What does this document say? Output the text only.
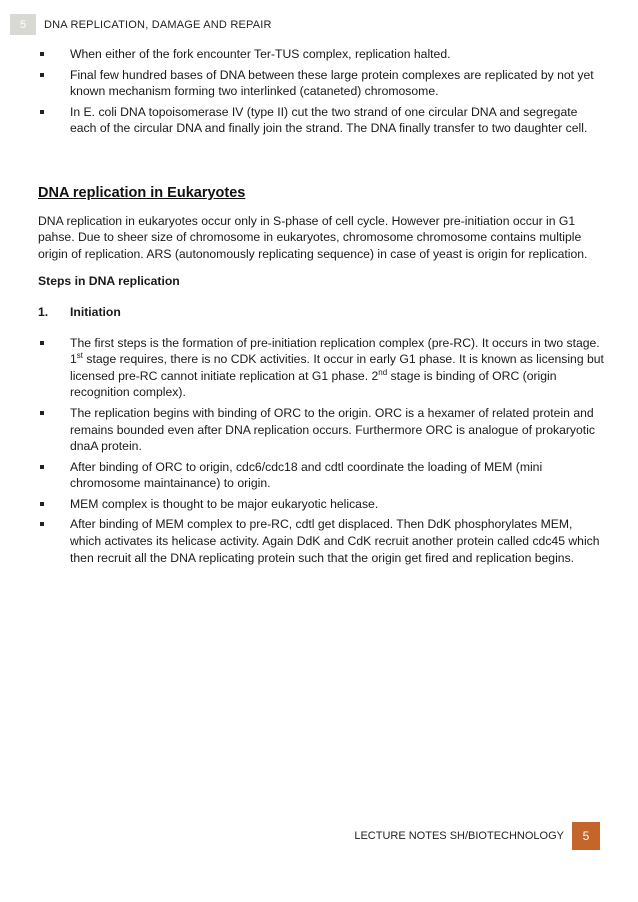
5	DNA REPLICATION, DAMAGE AND REPAIR
When either of the fork encounter Ter-TUS complex, replication halted.
Final few hundred bases of DNA between these large protein complexes are replicated by not yet known mechanism forming two interlinked (cataneted) chromosome.
In E. coli DNA topoisomerase IV (type II) cut the two strand of one circular DNA and segregate each of the circular DNA and finally join the strand. The DNA finally transfer to two daughter cell.
DNA replication in Eukaryotes

DNA replication in eukaryotes occur only in S-phase of cell cycle. However pre-initiation occur in G1 pahse. Due to sheer size of chromosome in eukaryotes, chromosome chromosome contains multiple origin of replication. ARS (autonomously replicating sequence) in case of yeast is origin for replication.

Steps in DNA replication
1.	Initiation
The first steps is the formation of pre-initiation replication complex (pre-RC). It occurs in two stage. 1st stage requires, there is no CDK activities. It occur in early G1 phase. It is known as licensing but licensed pre-RC cannot initiate replication at G1 phase. 2nd stage is binding of ORC (origin recognition complex).
The replication begins with binding of ORC to the origin. ORC is a hexamer of related protein and remains bounded even after DNA replication occurs. Furthermore ORC is analogue of prokaryotic dnaA protein.
After binding of ORC to origin, cdc6/cdc18 and cdtl coordinate the loading of MEM (mini chromosome maintainance) to origin.
MEM complex is thought to be major eukaryotic helicase.
After binding of MEM complex to pre-RC, cdtl get displaced. Then DdK phosphorylates MEM, which activates its helicase activity. Again DdK and CdK recruit another protein called cdc45 which then recruit all the DNA replicating protein such that the origin get fired and replication begins.
LECTURE NOTES SH/BIOTECHNOLOGY	5
